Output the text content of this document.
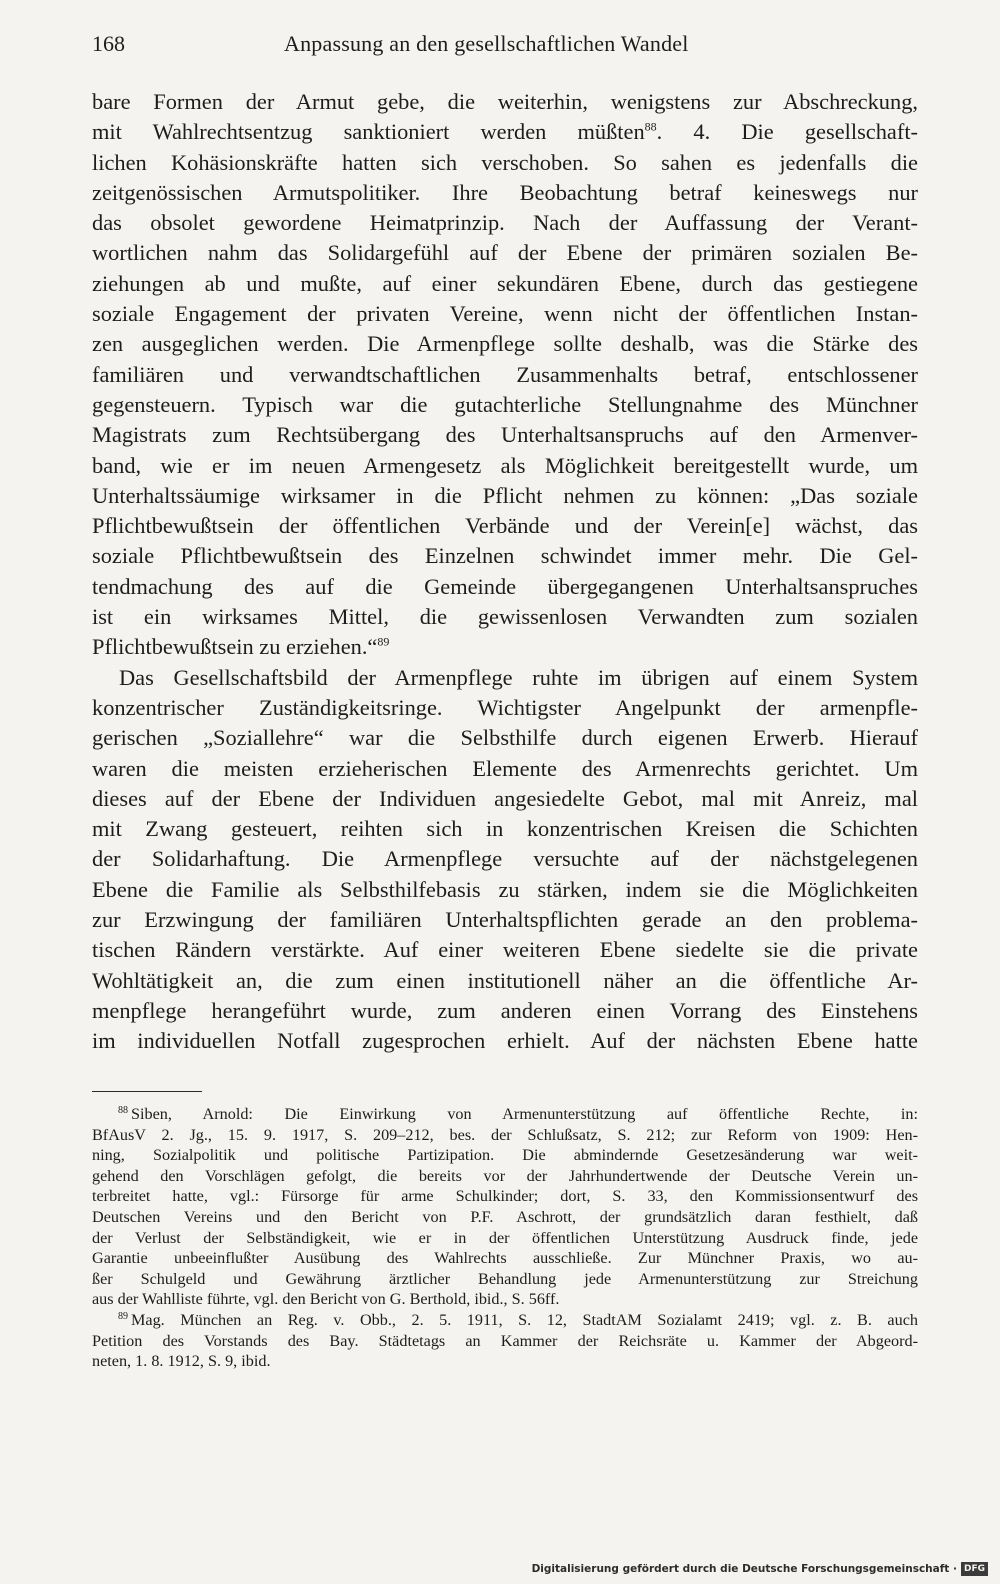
168	Anpassung an den gesellschaftlichen Wandel
bare Formen der Armut gebe, die weiterhin, wenigstens zur Abschreckung,
mit Wahlrechtsentzug sanktioniert werden müßten$^{88}$. 4. Die gesellschaft-
lichen Kohäsionskräfte hatten sich verschoben. So sahen es jedenfalls die
zeitgenössischen Armutspolitiker. Ihre Beobachtung betraf keineswegs nur
das obsolet gewordene Heimatprinzip. Nach der Auffassung der Verant-
wortlichen nahm das Solidargefühl auf der Ebene der primären sozialen Be-
ziehungen ab und mußte, auf einer sekundären Ebene, durch das gestiegene
soziale Engagement der privaten Vereine, wenn nicht der öffentlichen Instan-
zen ausgeglichen werden. Die Armenpflege sollte deshalb, was die Stärke des
familiären und verwandtschaftlichen Zusammenhalts betraf, entschlossener
gegensteuern. Typisch war die gutachterliche Stellungnahme des Münchner
Magistrats zum Rechtsübergang des Unterhaltsanspruchs auf den Armenver-
band, wie er im neuen Armengesetz als Möglichkeit bereitgestellt wurde, um
Unterhaltssäumige wirksamer in die Pflicht nehmen zu können: „Das soziale
Pflichtbewußtsein der öffentlichen Verbände und der Verein[e] wächst, das
soziale Pflichtbewußtsein des Einzelnen schwindet immer mehr. Die Gel-
tendmachung des auf die Gemeinde übergegangenen Unterhaltsanspruches
ist ein wirksames Mittel, die gewissenlosen Verwandten zum sozialen
Pflichtbewußtsein zu erziehen.“$^{89}$
Das Gesellschaftsbild der Armenpflege ruhte im übrigen auf einem System
konzentrischer Zuständigkeitsringe. Wichtigster Angelpunkt der armenpfle-
gerischen „Soziallehre“ war die Selbsthilfe durch eigenen Erwerb. Hierauf
waren die meisten erzieherischen Elemente des Armenrechts gerichtet. Um
dieses auf der Ebene der Individuen angesiedelte Gebot, mal mit Anreiz, mal
mit Zwang gesteuert, reihten sich in konzentrischen Kreisen die Schichten
der Solidarhaftung. Die Armenpflege versuchte auf der nächstgelegenen
Ebene die Familie als Selbsthilfebasis zu stärken, indem sie die Möglichkeiten
zur Erzwingung der familiären Unterhaltspflichten gerade an den problema-
tischen Rändern verstärkte. Auf einer weiteren Ebene siedelte sie die private
Wohltätigkeit an, die zum einen institutionell näher an die öffentliche Ar-
menpflege herangeführt wurde, zum anderen einen Vorrang des Einstehens
im individuellen Notfall zugesprochen erhielt. Auf der nächsten Ebene hatte
$^{88}$ Siben, Arnold: Die Einwirkung von Armenunterstützung auf öffentliche Rechte, in:
BfAusV 2. Jg., 15. 9. 1917, S. 209–212, bes. der Schlußsatz, S. 212; zur Reform von 1909: Hen-
ning, Sozialpolitik und politische Partizipation. Die abmindernde Gesetzesänderung war weit-
gehend den Vorschlägen gefolgt, die bereits vor der Jahrhundertwende der Deutsche Verein un-
terbreitet hatte, vgl.: Fürsorge für arme Schulkinder; dort, S. 33, den Kommissionsentwurf des
Deutschen Vereins und den Bericht von P.F. Aschrott, der grundsätzlich daran festhielt, daß
der Verlust der Selbständigkeit, wie er in der öffentlichen Unterstützung Ausdruck finde, jede
Garantie unbeeinflußter Ausübung des Wahlrechts ausschließe. Zur Münchner Praxis, wo au-
ßer Schulgeld und Gewährung ärztlicher Behandlung jede Armenunterstützung zur Streichung
aus der Wahlliste führte, vgl. den Bericht von G. Berthold, ibid., S. 56ff.
$^{89}$ Mag. München an Reg. v. Obb., 2. 5. 1911, S. 12, StadtAM Sozialamt 2419; vgl. z. B. auch
Petition des Vorstands des Bay. Städtetags an Kammer der Reichsräte u. Kammer der Abgeord-
neten, 1. 8. 1912, S. 9, ibid.
Digitalisierung gefördert durch die Deutsche Forschungsgemeinschaft · DFG
